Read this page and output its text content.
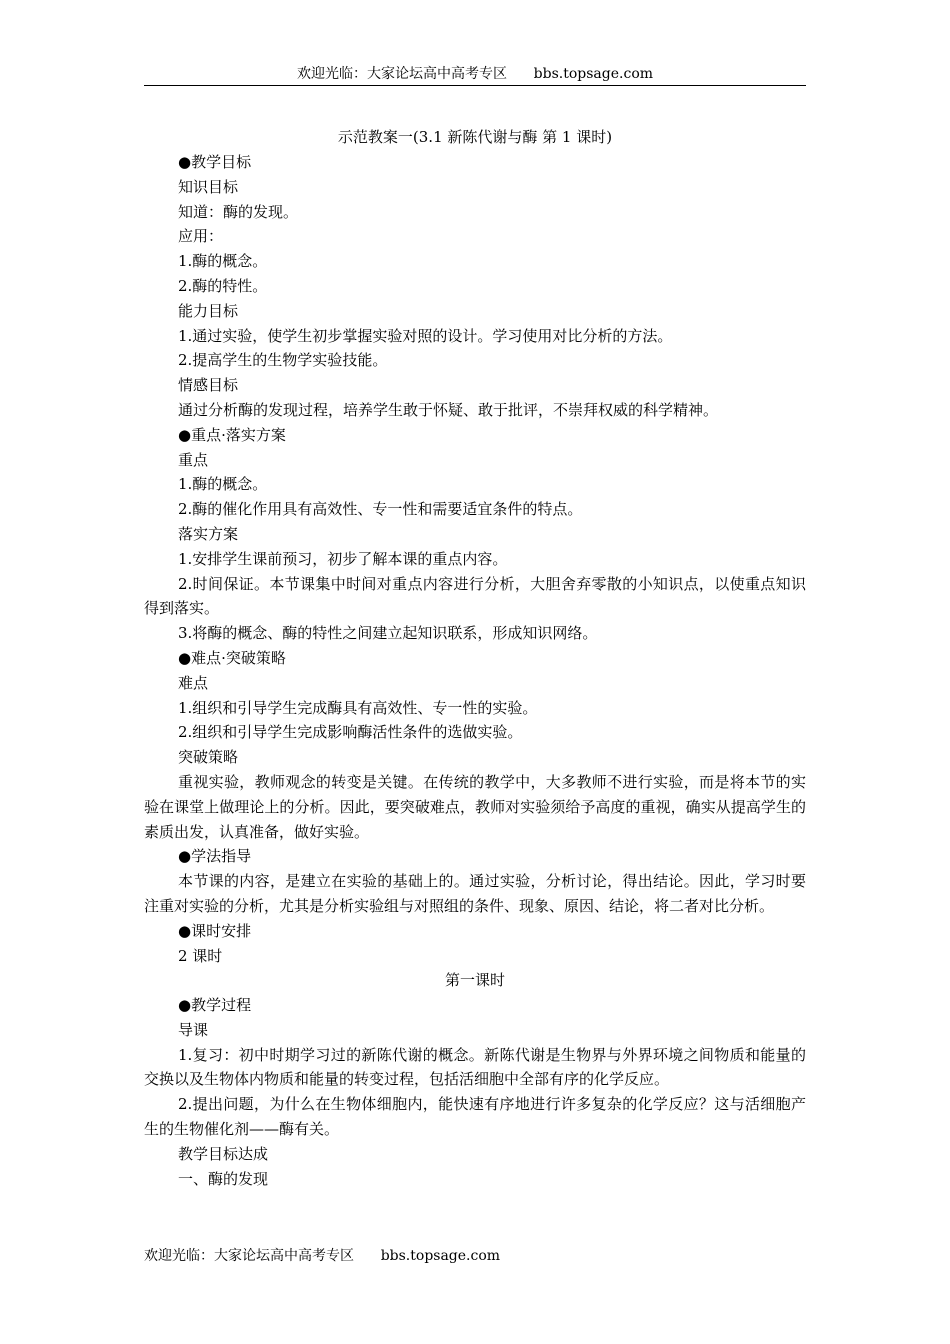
欢迎光临：大家论坛高中高考专区      bbs.topsage.com
示范教案一(3.1 新陈代谢与酶 第 1 课时)

●教学目标

知识目标

知道：酶的发现。

应用：

1.酶的概念。

2.酶的特性。

能力目标

1.通过实验，使学生初步掌握实验对照的设计。学习使用对比分析的方法。

2.提高学生的生物学实验技能。

情感目标

通过分析酶的发现过程，培养学生敢于怀疑、敢于批评，不崇拜权威的科学精神。

●重点·落实方案

重点

1.酶的概念。

2.酶的催化作用具有高效性、专一性和需要适宜条件的特点。

落实方案

1.安排学生课前预习，初步了解本课的重点内容。

2.时间保证。本节课集中时间对重点内容进行分析，大胆舍弃零散的小知识点，以使重点知识得到落实。

3.将酶的概念、酶的特性之间建立起知识联系，形成知识网络。

●难点·突破策略

难点

1.组织和引导学生完成酶具有高效性、专一性的实验。

2.组织和引导学生完成影响酶活性条件的选做实验。

突破策略

重视实验，教师观念的转变是关键。在传统的教学中，大多教师不进行实验，而是将本节的实验在课堂上做理论上的分析。因此，要突破难点，教师对实验须给予高度的重视，确实从提高学生的素质出发，认真准备，做好实验。

●学法指导

本节课的内容，是建立在实验的基础上的。通过实验，分析讨论，得出结论。因此，学习时要注重对实验的分析，尤其是分析实验组与对照组的条件、现象、原因、结论，将二者对比分析。

●课时安排

2 课时

第一课时

●教学过程

导课

1.复习：初中时期学习过的新陈代谢的概念。新陈代谢是生物界与外界环境之间物质和能量的交换以及生物体内物质和能量的转变过程，包括活细胞中全部有序的化学反应。

2.提出问题，为什么在生物体细胞内，能快速有序地进行许多复杂的化学反应？这与活细胞产生的生物催化剂——酶有关。

教学目标达成

一、酶的发现

欢迎光临：大家论坛高中高考专区      bbs.topsage.com
